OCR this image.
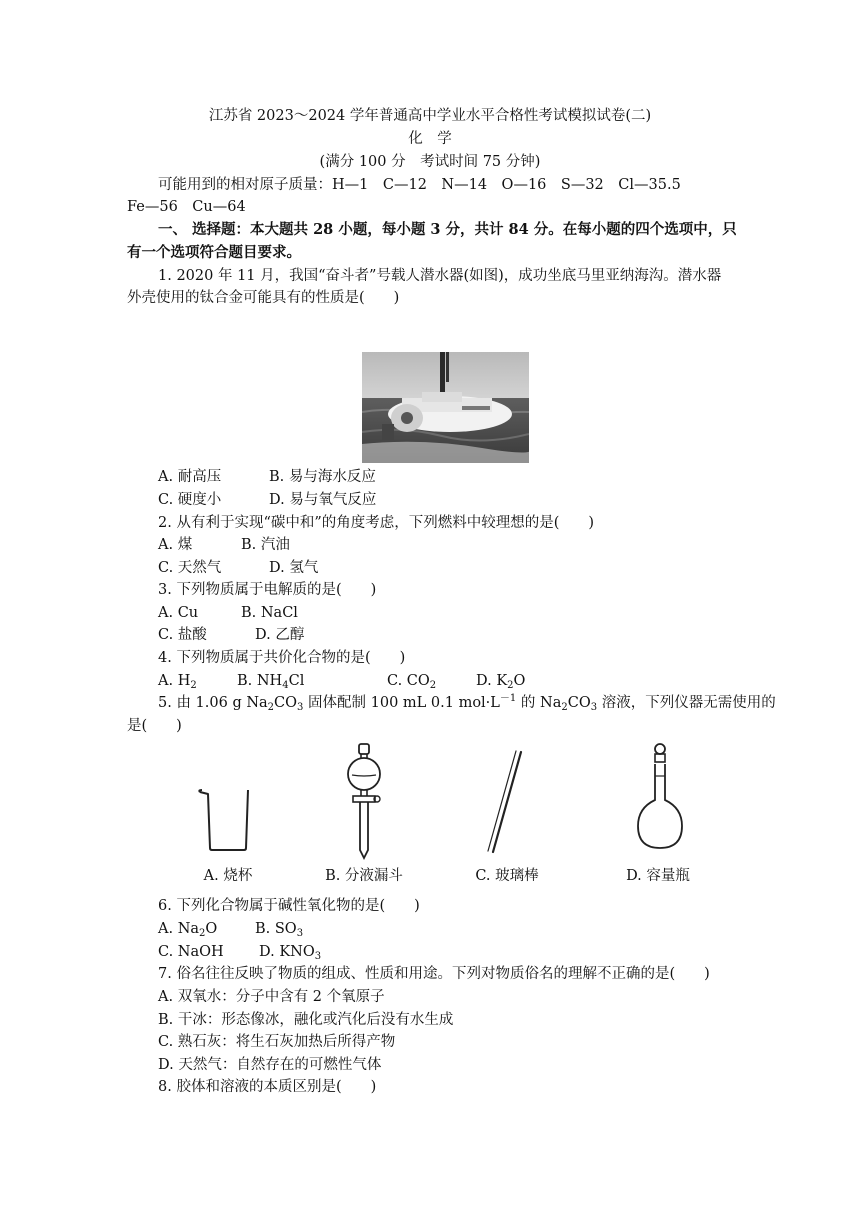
江苏省 2023～2024 学年普通高中学业水平合格性考试模拟试卷(二)
化　学
(满分 100 分　考试时间 75 分钟)
可能用到的相对原子质量：H—1　C—12　N—14　O—16　S—32　Cl—35.5
Fe—56　Cu—64
一、 选择题：本大题共 28 小题，每小题 3 分，共计 84 分。在每小题的四个选项中，只
有一个选项符合题目要求。
1. 2020 年 11 月，我国“奋斗者”号载人潜水器(如图)，成功坐底马里亚纳海沟。潜水器
外壳使用的钛合金可能具有的性质是(　　)
A. 耐高压	B. 易与海水反应
C. 硬度小	D. 易与氧气反应
2. 从有利于实现“碳中和”的角度考虑，下列燃料中较理想的是(　　)
A. 煤	B. 汽油
C. 天然气	D. 氢气
3. 下列物质属于电解质的是(　　)
A. Cu	B. NaCl
C. 盐酸	D. 乙醇
4. 下列物质属于共价化合物的是(　　)
A. $H_2$	B. $NH_4Cl$	C. $CO_2$	D. $K_2O$
5. 由 1.06 g $Na_2CO_3$ 固体配制 100 mL 0.1 $mol\cdot L^{-1}$ 的 $Na_2CO_3$ 溶液，下列仪器无需使用的
是(　　)
A. 烧杯	B. 分液漏斗	C. 玻璃棒	D. 容量瓶
6. 下列化合物属于碱性氧化物的是(　　)
A. $Na_2O$	B. $SO_3$
C. NaOH D. $KNO_3$
7. 俗名往往反映了物质的组成、性质和用途。下列对物质俗名的理解不正确的是(　　)
A. 双氧水：分子中含有 2 个氧原子
B. 干冰：形态像冰，融化或汽化后没有水生成
C. 熟石灰：将生石灰加热后所得产物
D. 天然气：自然存在的可燃性气体
8. 胶体和溶液的本质区别是(　　)
